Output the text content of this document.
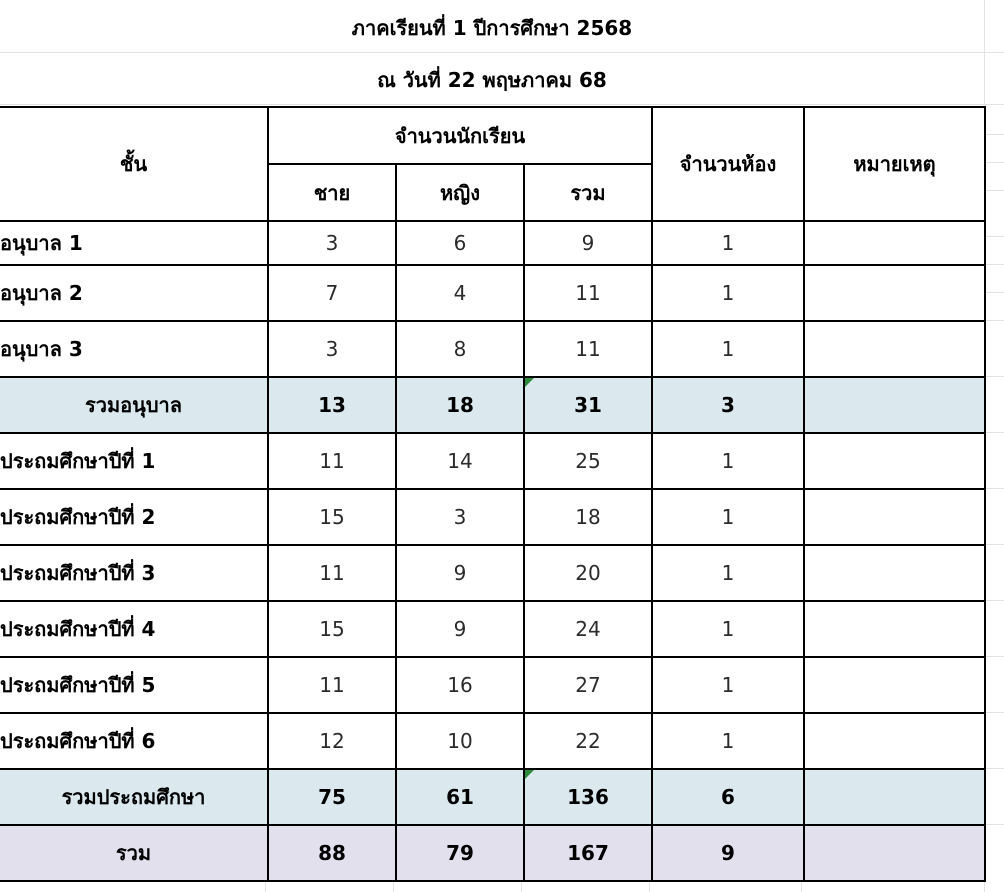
ภาคเรียนที่ 1 ปีการศึกษา 2568
ณ วันที่ 22 พฤษภาคม 68
ชั้น	จำนวนนักเรียน			จำนวนห้อง	หมายเหตุ
	ชาย	หญิง	รวม		
อนุบาล 1	3	6	9	1	
อนุบาล 2	7	4	11	1	
อนุบาล 3	3	8	11	1	
รวมอนุบาล	13	18	31	3	
ประถมศึกษาปีที่ 1	11	14	25	1	
ประถมศึกษาปีที่ 2	15	3	18	1	
ประถมศึกษาปีที่ 3	11	9	20	1	
ประถมศึกษาปีที่ 4	15	9	24	1	
ประถมศึกษาปีที่ 5	11	16	27	1	
ประถมศึกษาปีที่ 6	12	10	22	1	
รวมประถมศึกษา	75	61	136	6	
รวม	88	79	167	9	
